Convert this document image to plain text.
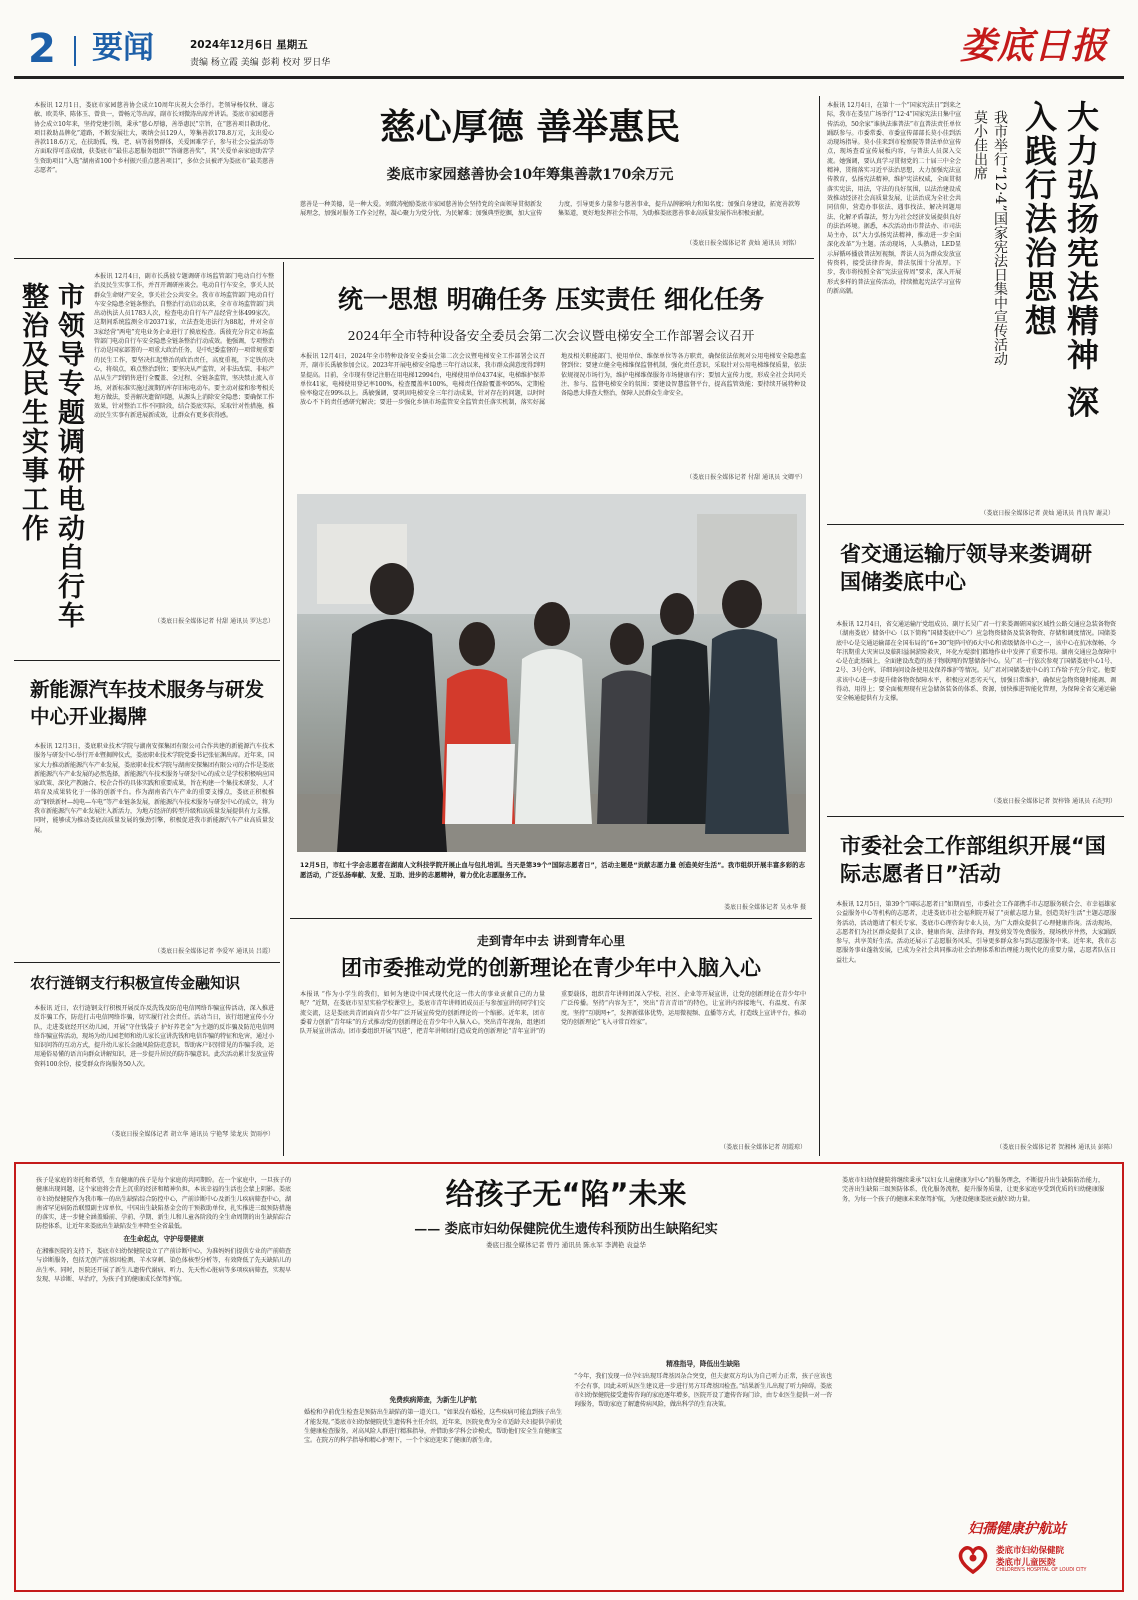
2 要闻	2024年12月6日 星期五
责编 杨立霞 美编 彭莉 校对 罗日华	娄底日报
本报讯 12月1日，娄底市家园慈善协会成立10周年庆祝大会举行。老领导杨仪秋、谢志敏、欧美华、陈体玉、曾贵一，曾畅元等出席，副市长刘微涛出席并讲话。娄底市家园慈善协会成立10年来，坚持党建引领，秉承“慈心厚德，善举惠民”宗旨，在“慈善项目救助化、项目救助品牌化”道路，不断发展壮大，吸纳会员129人，筹集善款178.8万元，支出爱心善款118.6万元，在扶助孤、残、老、病等弱势群体，关爱困难学子，参与社会公益活动等方面取得可喜成绩，获娄底市“最佳志愿服务组织”“答谢慈善奖”，其“关爱单亲家庭助苦学生资助项目”入选“湖南省100个乡村振兴重点慈善项目”，多位会员被评为娄底市“最美慈善志愿者”。
慈心厚德 善举惠民
娄底市家园慈善协会10年筹集善款170余万元
慈善是一种美德，是一种大爱。刘微涛勉励娄底市家园慈善协会坚持党的全面领导贯彻新发展理念，加强对服务工作全过程，凝心聚力为党分忧、为民解难；加强典型挖掘，加大宣传力度，引导更多力量参与慈善事业，提升品牌影响力和知名度；加强自身建设，拓宽善款筹集渠道，更好地发挥社会作用，为助推娄底慈善事业高质量发展作出积极贡献。
（娄底日报全媒体记者 黄灿 通讯员 刘铭）	大力弘扬宪法精神 深入践行法治思想
我市举行“12·4”国家宪法日集中宣传活动 莫小佳出席
本报讯 12月4日，在第十一个“国家宪法日”到来之际，我市在娄星广场举行“12·4”国家宪法日集中宣传活动，50余家“谁执法谁普法”市直普法责任单位踊跃参与。市委常委、市委宣传部部长莫小佳到活动现场指导。莫小佳来到市检察院等普法单位宣传点，现场查看宣传展板内容，与普法人员深入交流。她强调，要认真学习贯彻党的二十届三中全会精神，贯彻落实习近平法治思想，大力加强宪法宣传教育，弘扬宪法精神，维护宪法权威，全面贯彻落实宪法，用法，守法的良好氛围，以法治建设成效推动经济社会高质量发展，让法治成为全社会共同信仰，营造办事依法、遇事找法、解决问题用法、化解矛盾靠法，努力为社会经济发展提供良好的法治环境。据悉，本次活动由市普法办、市司法局主办，以“大力弘扬宪法精神，推动进一步全面深化改革”为主题。活动现场，人头攒动，LED显示屏循环播放普法短视频，普法人员为群众发放宣传资料，接受法律咨询，普法氛围十分浓厚。下步，我市将按照全省“宪法宣传周”要求，深入开展形式多样的普法宣传活动，持续掀起宪法学习宣传的新高潮。
（娄底日报全媒体记者 黄灿 通讯员 肖良智 谢灵）
省交通运输厅领导来娄调研国储娄底中心
本报讯 12月4日，省交通运输厅党组成员、副厅长吴广君一行来娄调研国家区域性公路交通应急装备物资（湖南娄底）储备中心（以下简称“国储娄底中心”）应急物资储备及装备物资、存储和调度情况。国储娄底中心是交通运输部在全国布局的“6+30”矩阵中的6大中心和省级储备中心之一，该中心在抗冰保畅、今年汛期重大灾害以及临阳溢洞淤险救灾，坏化左堤溃们都地作业中发挥了重要作用。湖南交通应急保障中心是在此基础上，全面建设改造的基于物联网的智慧储备中心。吴广君一行依次参观了国储娄底中心1号、2号、3号仓库，详细询问设备使用及保养维护等情况。吴广君对国储娄底中心的工作给予充分肯定。他要求该中心进一步提升储备物资保障水平，积极应对恶劣天气，加强日常维护，确保应急物资随时能调、调得动、用得上；要全面梳理现有应急储备装备的体系、资源，加快推进智能化管理，为保障全省交通运输安全畅通提供有力支撑。
（娄底日报全媒体记者 贺梓锋 通讯员 石纪明）
市委社会工作部组织开展“国际志愿者日”活动
本报讯 12月5日，第39个“国际志愿者日”如期而至，市委社会工作部携手市志愿服务联合会、市幸福雄家公益服务中心等机构的志愿者，走进娄底市社会福利院开展了“贡献志愿力量，创造美好生活”主题志愿服务活动，活动邀请了相关专家、娄底市心理咨询专业人员，为广大群众提供了心理健康咨询。活动现场，志愿者们为社区群众提供了义诊、健康咨询、法律咨询、理发剪发等免费服务，现场秩序井然，大家踊跃参与，共享美好生活。活动还展示了志愿服务风采，引导更多群众参与到志愿服务中来。近年来，我市志愿服务事业蓬勃发展，已成为全社会共同推动社会治理体系和治理能力现代化的重要力量，志愿者队伍日益壮大。
（娄底日报全媒体记者 贺湘林 通讯员 彭陈）
市领导专题调研电动自行车整治及民生实事工作
本报讯 12月4日，副市长禹彼专题调研市场监管部门电动自行车整治及民生实事工作，并召开调研座谈会。电动自行车安全，事关人民群众生命财产安全，事关社会公共安全。我市市场监管部门电动自行车安全隐患全链条整治，自整治行动启动以来，全市市场监管部门共出动执法人员1783人次，检查电动自行车产品经营主体499家次。这期间系统监测全市20371家，立法查处违法行为88起，并对全市3家经营“两电”充电业务企业进行了摸底检查。禹彼充分肯定市场监管部门电动自行车安全隐患全链条整治行动成效。他强调，专项整治行动是国家部署的一项重大政治任务，是中纪委监督的一项常规重要的民生工作，要坚决扛起整治的政治责任，高度重视，下定铁的决心，将端点，难点整治到位；要坚决从严监管，对非法改装、非标产品从生产到销售进行全覆盖、全过程、全链条监管，坚决禁止流入市场，对新标准实施过渡期的库存旧标电动车。要主动对接和参考相关地方做法，妥善解决遗留问题，从源头上消除安全隐患；要确保工作效果，针对整治工作不同阶段，结合娄底实际，采取针对性措施，推动民生实事有新进展新成效，让群众有更多获得感。
（娄底日报全媒体记者 付甜 通讯员 罗达忠）
统一思想 明确任务 压实责任 细化任务
2024年全市特种设备安全委员会第二次会议暨电梯安全工作部署会议召开
本报讯 12月4日，2024年全市特种设备安全委员会第二次会议暨电梯安全工作部署会议召开，副市长禹敏参加会议。2023年开展电梯安全隐患三年行动以来，我市群众满意度得到明显提高。目前，全市现有登记注册在用电梯12994台，电梯使用单位4374家，电梯维护保养单位41家，电梯使用登记率100%，检查覆盖率100%，电梯责任保险覆盖率95%，定期检验率稳定在99%以上。禹敏强调，要巩固电梯安全三年行动成果，针对存在的问题，以时时放心不下的责任感研究解决；要进一步强化乡镇市场监管安全监管责任落实机制，落实好属地及相关职能部门、使用单位、维保单位等各方职责，确保依法依规对公用电梯安全隐患监督到位；要建立健全电梯维保监督机制，强化责任意识，采取针对公用电梯维保质量，依法依规视况市场行为，维护电梯维保服务市场健康有序；要加大宣传力度，形成全社会共同关注、参与、监督电梯安全的氛围；要建设智慧监督平台，提高监管效能；要持续开展特种设备隐患大排查大整治，保障人民群众生命安全。
（娄底日报全媒体记者 付甜 通讯员 文卿平）
12月5日，市红十字会志愿者在湖南人文科技学院开展止血与包扎培训。当天是第39个“国际志愿者日”，活动主题是“贡献志愿力量 创造美好生活”。我市组织开展丰富多彩的志愿活动，广泛弘扬奉献、友爱、互助、进步的志愿精神，着力优化志愿服务工作。
娄底日报全媒体记者 吴永华 摄
走到青年中去 讲到青年心里
团市委推动党的创新理论在青少年中入脑入心
本报讯 “作为小学生的我们，如何为建设中国式现代化这一伟大的事业贡献自己的力量呢？”近期，在娄底市星星实验学校课堂上，娄底市青年讲师团成员正与参加宣讲的同学们交流交流，这是娄底共青团面向青少年广泛开展宣传党的创新理论的一个缩影。近年来，团市委着力创新“青年味”的方式推动党的创新理论在青少年中入脑入心。突出青年视角，组建团队开展宣讲活动。团市委组织开展“四进”，把青年讲师团打造成党的创新理论“青年宣讲”的重要载体，组织青年讲师团深入学校、社区、企业等开展宣讲，让党的创新理论在青少年中广泛传播。坚持“内容为王”，突出“青言青语”的特色，让宣讲内容接地气、有温度、有深度。坚持“互联网+”，发挥新媒体优势，运用微视频、直播等方式，打造线上宣讲平台，推动党的创新理论“飞入寻常百姓家”。
（娄底日报全媒体记者 胡霞琼）
新能源汽车技术服务与研发中心开业揭牌
本报讯 12月3日，娄底职业技术学院与湖南安探集团有限公司合作共建的新能源汽车技术服务与研发中心举行开业暨揭牌仪式，娄底职业技术学院党委书记张征渊出席。近年来，国家大力推动新能源汽车产业发展，娄底职业技术学院与湖南安探集团有限公司的合作是娄底新能源汽车产业发展的必然选择，新能源汽车技术服务与研发中心的成立是学校积极响应国家政策、深化产教融合、校企合作的具体实践和重要成果，旨在构建一个集技术研发、人才培育及成果转化于一体的创新平台。作为湖南省汽车产业的重要支撑点，娄底正积极推动“钢铁新材—纯电—车电”等产业链条发展，新能源汽车技术服务与研发中心的成立，将为我市新能源汽车产业发展注入新活力，为地方经济的转型升级和高质量发展提供有力支撑。同时，能够成为推动娄底高质量发展的强劲引擎，积极促进我市新能源汽车产业高质量发展。
（娄底日报全媒体记者 李爱军 通讯员 吕霞）
农行涟钢支行积极宣传金融知识
本报讯 近日，农行涟钢支行积极开展反诈反洗钱及防范电信网络诈骗宣传活动，深入推进反诈骗工作，防范打击电信网络诈骗，切实履行社会责任。活动当日，该行组建宣传小分队，走进娄底经开区幼儿园，开展“守住钱袋子 护好养老金”为主题的反诈骗及防范电信网络诈骗宣传活动，现场为幼儿园老师和幼儿家长宣讲洗钱和电信诈骗的特征和危害，通过小知识问答的互动方式，提升幼儿家长金融风险防范意识，帮助客户识别常见的诈骗手段，运用通俗易懂的语言向群众讲解知识，进一步提升居民的防诈骗意识。此次活动累计发放宣传资料100余份，接受群众咨询服务50人次。
（娄底日报全媒体记者 胡立华 通讯员 宁艳琴 梁龙庆 贺雨亭）
给孩子无“陷”未来
—— 娄底市妇幼保健院优生遗传科预防出生缺陷纪实
娄底日报全媒体记者 曾丹 通讯员 陈永军 李满艳 袁益华
孩子是家庭的寄托和希望，生育健康的孩子是每个家庭的共同期盼。在一个家庭中，一旦孩子的健康出现问题，这个家庭将会背上沉重的经济和精神负担，本该幸福的生活也会蒙上阴影。娄底市妇幼保健院作为我市唯一的出生缺陷综合防控中心，产前诊断中心及新生儿疾病筛查中心，湖南省罕见病防治联盟副主席单位，中国出生缺陷基金会的干预救助单位，扎实推进三级预防措施的落实，进一步健全涵盖婚前、孕前、孕期、新生儿和儿童各阶段的全生命周期的出生缺陷综合防控体系，让近年来娄底出生缺陷发生率降至全省最低。
在生命起点，守护母婴健康
在湘雅医院的支持下，娄底市妇幼保健院设立了产前诊断中心，为准妈妈们提供专业的产前筛查与诊断服务，包括无创产前基因检测、羊水穿刺、染色体核型分析等，有效降低了先天缺陷儿的出生率。同时，医院还开展了新生儿遗传代谢病、听力、先天性心脏病等多项疾病筛查，实现早发现、早诊断、早治疗，为孩子们的健康成长保驾护航。
免费疾病筛查，为新生儿护航
婚检和孕前优生检查是预防出生缺陷的第一道关口。“如果没有婚检，这些疾病可能直到孩子出生才能发现。”娄底市妇幼保健院优生遗传科主任介绍，近年来，医院免费为全市适龄夫妇提供孕前优生健康检查服务，对高风险人群进行精准指导，并借助多学科会诊模式，帮助他们安全生育健康宝宝。在院方的科学指导和精心护理下，一个个家庭迎来了健康的新生命。
精准指导，降低出生缺陷
“今年，我们发现一位孕妇出现耳聋基因杂合突变，但夫妻双方均认为自己听力正常，孩子应该也不会有事，因此未听从医生建议进一步进行男方耳聋基因检查。”结果新生儿出现了听力障碍。娄底市妇幼保健院接受遗传咨询的家庭逐年增多，医院开设了遗传咨询门诊，由专业医生提供一对一咨询服务，帮助家庭了解遗传病风险，做出科学的生育决策。
娄底市妇幼保健院将继续秉承“以妇女儿童健康为中心”的服务理念，不断提升出生缺陷防治能力，完善出生缺陷三级预防体系，优化服务流程，提升服务质量，让更多家庭享受到优质的妇幼健康服务，为每一个孩子的健康未来保驾护航，为建设健康娄底贡献妇幼力量。
妇孺健康护航站
娄底市妇幼保健院
娄底市儿童医院
CHILDREN'S HOSPITAL OF LOUDI CITY
